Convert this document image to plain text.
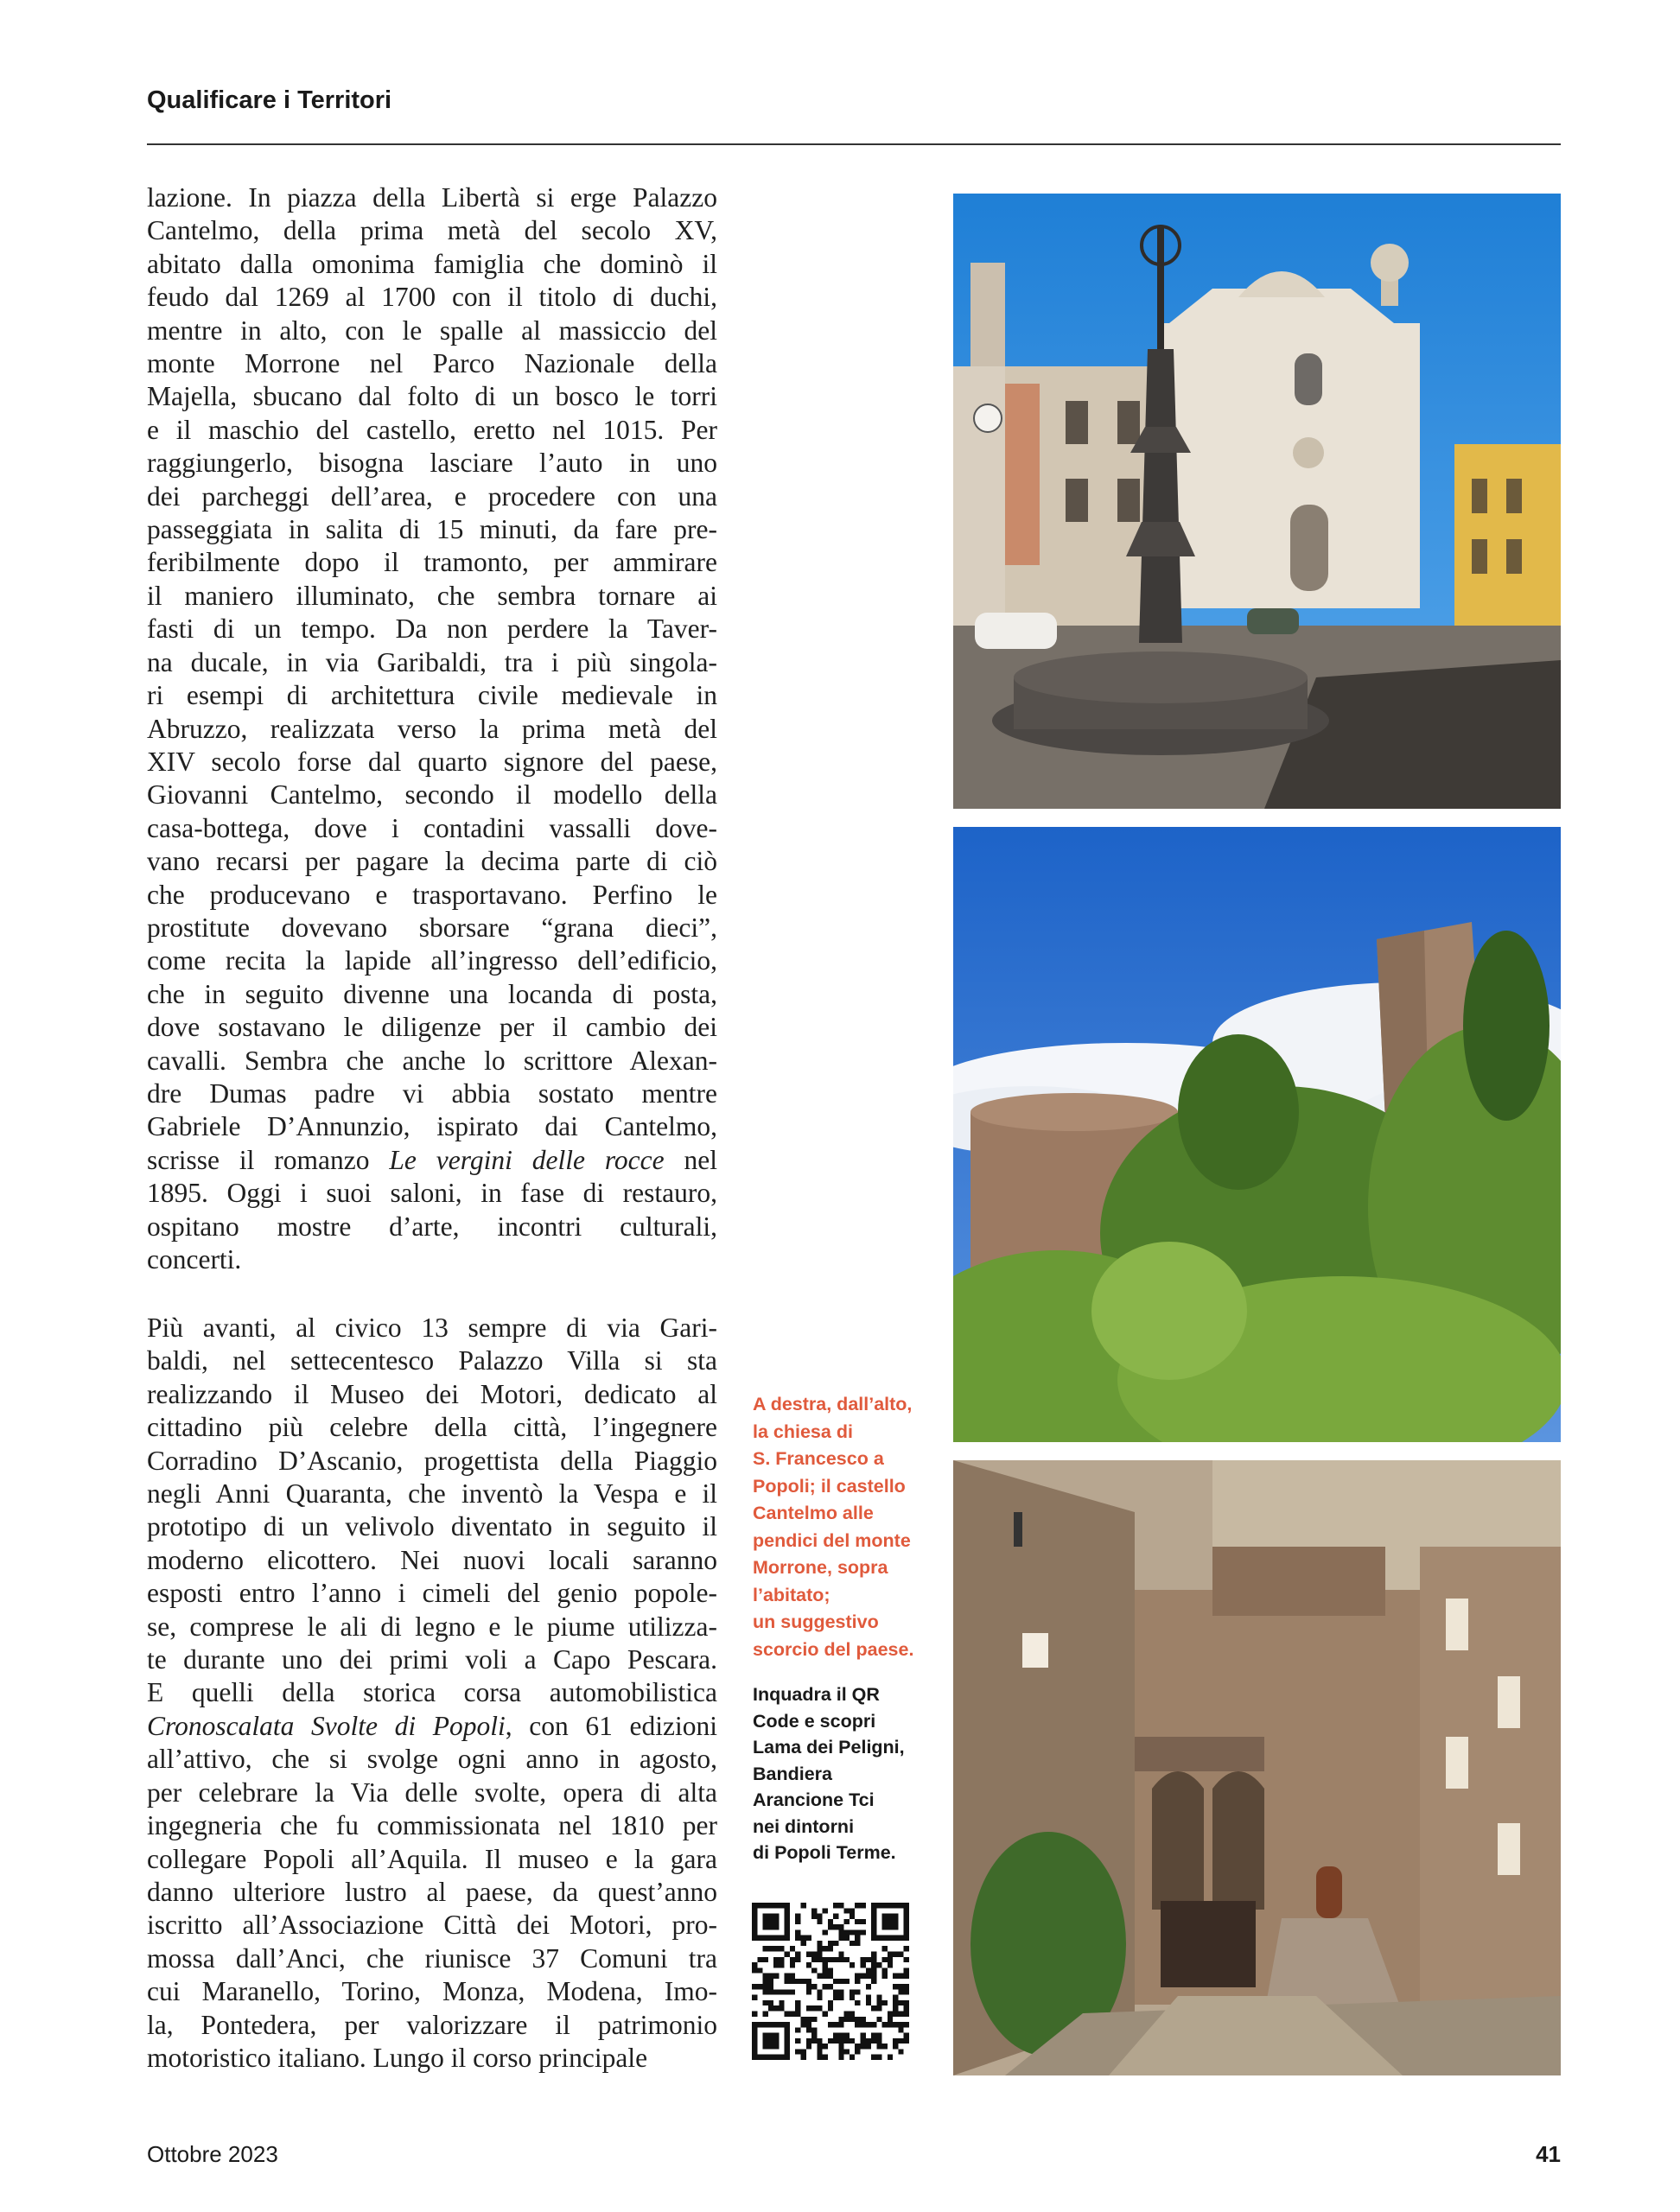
Qualificare i Territori
lazione. In piazza della Libertà si erge Palazzo
Cantelmo, della prima metà del secolo XV,
abitato dalla omonima famiglia che dominò il
feudo dal 1269 al 1700 con il titolo di duchi,
mentre in alto, con le spalle al massiccio del
monte Morrone nel Parco Nazionale della
Majella, sbucano dal folto di un bosco le torri
e il maschio del castello, eretto nel 1015. Per
raggiungerlo, bisogna lasciare l’auto in uno
dei parcheggi dell’area, e procedere con una
passeggiata in salita di 15 minuti, da fare pre-
feribilmente dopo il tramonto, per ammirare
il maniero illuminato, che sembra tornare ai
fasti di un tempo. Da non perdere la Taver-
na ducale, in via Garibaldi, tra i più singola-
ri esempi di architettura civile medievale in
Abruzzo, realizzata verso la prima metà del
XIV secolo forse dal quarto signore del paese,
Giovanni Cantelmo, secondo il modello della
casa-bottega, dove i contadini vassalli dove-
vano recarsi per pagare la decima parte di ciò
che producevano e trasportavano. Perfino le
prostitute dovevano sborsare “grana dieci”,
come recita la lapide all’ingresso dell’edificio,
che in seguito divenne una locanda di posta,
dove sostavano le diligenze per il cambio dei
cavalli. Sembra che anche lo scrittore Alexan-
dre Dumas padre vi abbia sostato mentre
Gabriele D’Annunzio, ispirato dai Cantelmo,
scrisse il romanzo Le vergini delle rocce nel
1895. Oggi i suoi saloni, in fase di restauro,
ospitano mostre d’arte, incontri culturali,
concerti.
Più avanti, al civico 13 sempre di via Gari-
baldi, nel settecentesco Palazzo Villa si sta
realizzando il Museo dei Motori, dedicato al
cittadino più celebre della città, l’ingegnere
Corradino D’Ascanio, progettista della Piaggio
negli Anni Quaranta, che inventò la Vespa e il
prototipo di un velivolo diventato in seguito il
moderno elicottero. Nei nuovi locali saranno
esposti entro l’anno i cimeli del genio popole-
se, comprese le ali di legno e le piume utilizza-
te durante uno dei primi voli a Capo Pescara.
E quelli della storica corsa automobilistica
Cronoscalata Svolte di Popoli, con 61 edizioni
all’attivo, che si svolge ogni anno in agosto,
per celebrare la Via delle svolte, opera di alta
ingegneria che fu commissionata nel 1810 per
collegare Popoli all’Aquila. Il museo e la gara
danno ulteriore lustro al paese, da quest’anno
iscritto all’Associazione Città dei Motori, pro-
mossa dall’Anci, che riunisce 37 Comuni tra
cui Maranello, Torino, Monza, Modena, Imo-
la, Pontedera, per valorizzare il patrimonio
motoristico italiano. Lungo il corso principale
A destra, dall’alto,
la chiesa di
S. Francesco a
Popoli; il castello
Cantelmo alle
pendici del monte
Morrone, sopra
l’abitato;
un suggestivo
scorcio del paese.
Inquadra il QR
Code e scopri
Lama dei Peligni,
Bandiera
Arancione Tci
nei dintorni
di Popoli Terme.
Ottobre 2023	41
